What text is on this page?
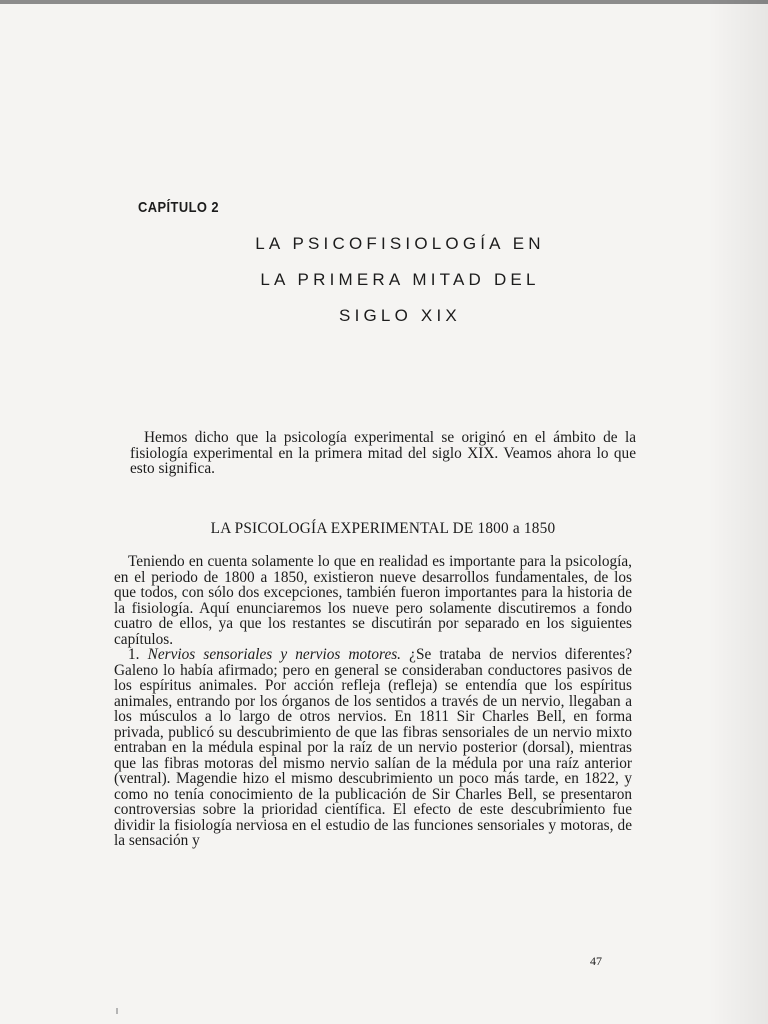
CAPÍTULO 2
LA PSICOFISIOLOGÍA EN
LA PRIMERA MITAD DEL
SIGLO XIX

Hemos dicho que la psicología experimental se originó en el ámbito de la fisiología experimental en la primera mitad del siglo XIX. Veamos ahora lo que esto significa.

LA PSICOLOGÍA EXPERIMENTAL DE 1800 a 1850

Teniendo en cuenta solamente lo que en realidad es importante para la psicología, en el periodo de 1800 a 1850, existieron nueve desarrollos fundamentales, de los que todos, con sólo dos excepciones, también fueron importantes para la historia de la fisiología. Aquí enunciaremos los nueve pero solamente discutiremos a fondo cuatro de ellos, ya que los restantes se discutirán por separado en los siguientes capítulos.

1. Nervios sensoriales y nervios motores. ¿Se trataba de nervios diferentes? Galeno lo había afirmado; pero en general se consideraban conductores pasivos de los espíritus animales. Por acción refleja (refleja) se entendía que los espíritus animales, entrando por los órganos de los sentidos a través de un nervio, llegaban a los músculos a lo largo de otros nervios. En 1811 Sir Charles Bell, en forma privada, publicó su descubrimiento de que las fibras sensoriales de un nervio mixto entraban en la médula espinal por la raíz de un nervio posterior (dorsal), mientras que las fibras motoras del mismo nervio salían de la médula por una raíz anterior (ventral). Magendie hizo el mismo descubrimiento un poco más tarde, en 1822, y como no tenía conocimiento de la publicación de Sir Charles Bell, se presentaron controversias sobre la prioridad científica. El efecto de este descubrimiento fue dividir la fisiología nerviosa en el estudio de las funciones sensoriales y motoras, de la sensación y

47
